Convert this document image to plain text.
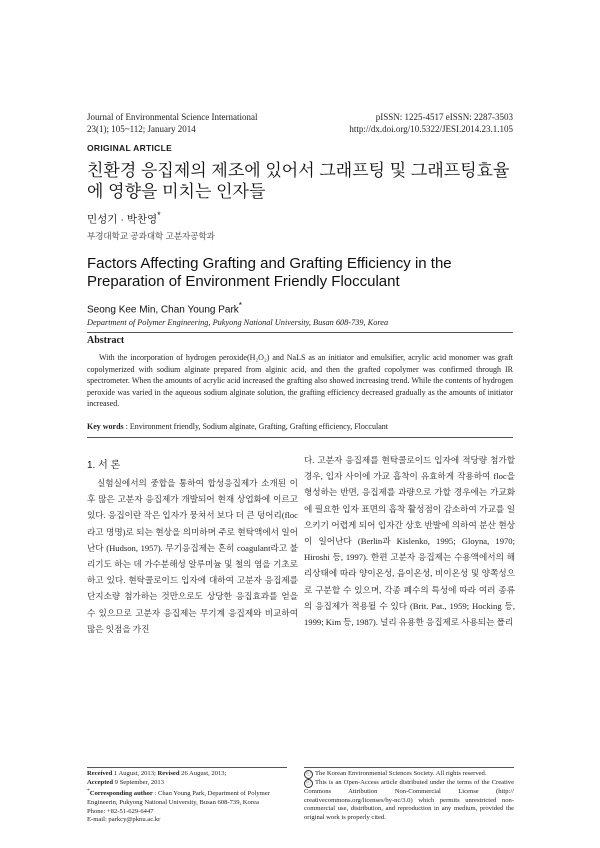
Journal of Environmental Science International
23(1); 105~112; January 2014
pISSN: 1225-4517 eISSN: 2287-3503
http://dx.doi.org/10.5322/JESI.2014.23.1.105
ORIGINAL ARTICLE
친환경 응집제의 제조에 있어서 그래프팅 및 그래프팅효율에 영향을 미치는 인자들
민성기 · 박찬영*
부경대학교 공과대학 고분자공학과
Factors Affecting Grafting and Grafting Efficiency in the Preparation of Environment Friendly Flocculant
Seong Kee Min, Chan Young Park*
Department of Polymer Engineering, Pukyong National University, Busan 608-739, Korea
Abstract
With the incorporation of hydrogen peroxide(H₂O₂) and NaLS as an initiator and emulsifier, acrylic acid monomer was graft copolymerized with sodium alginate prepared from alginic acid, and then the grafted copolymer was confirmed through IR spectrometer. When the amounts of acrylic acid increased the grafting also showed increasing trend. While the contents of hydrogen peroxide was varied in the aqueous sodium alginate solution, the grafting efficiency decreased gradually as the amounts of initiator increased.
Key words : Environment friendly, Sodium alginate, Grafting, Grafting efficiency, Flocculant
1. 서 론
실험실에서의 중합을 통하여 합성응집제가 소개된 이후 많은 고분자 응집제가 개발되어 현재 상업화에 이르고 있다. 응집이란 작은 입자가 뭉쳐서 보다 더 큰 덩어리(floc라고 명명)로 되는 현상을 의미하며 주로 현탁액에서 일어난다 (Hudson, 1957). 무기응집제는 흔히 coagulant라고 불리기도 하는 데 가수분해성 알루미늄 및 철의 염을 기초로 하고 있다. 현탁콜로이드 입자에 대하여 고분자 응집제를 단지소량 첨가하는 것만으로도 상당한 응집효과를 얻을 수 있으므로 고분자 응집제는 무기계 응집제와 비교하여 많은 잇점을 가진
다. 고분자 응집제를 현탁콜로이드 입자에 적당량 첨가할 경우, 입자 사이에 가교 흡착이 유효하게 작용하여 floc을 형성하는 반면, 응집제를 과량으로 가할 경우에는 가교화에 필요한 입자 표면의 흡착 활성점이 감소하여 가교를 일으키기 어렵게 되어 입자간 상호 반발에 의하여 분산 현상이 일어난다 (Berlin과 Kislenko, 1995; Gloyna, 1970; Hiroshi 등, 1997). 한편 고분자 응집제는 수용액에서의 해리상태에 따라 양이온성, 음이온성, 비이온성 및 양쪽성으로 구분할 수 있으며, 각종 폐수의 특성에 따라 여러 종류의 응집제가 적용될 수 있다 (Brit. Pat., 1959; Hocking 등, 1999; Kim 등, 1987). 널리 유용한 응집제로 사용되는 폴리
Received 1 August, 2013; Revised 26 August, 2013;
Accepted 9 September, 2013
*Corresponding author : Chan Young Park, Department of Polymer Engineerin, Pukyong National University, Busan 608-739, Korea
Phone: +82-51-629-6447
E-mail: parkcy@pknu.ac.kr
ⓒ The Korean Environmental Sciences Society. All rights reserved.
ⓒ This is an Open-Access article distributed under the terms of the Creative Commons Attribution Non-Commercial License (http:// creativecommons.org/licenses/by-nc/3.0) which permits unrestricted non-commercial use, distribution, and reproduction in any medium, provided the original work is properly cited.
